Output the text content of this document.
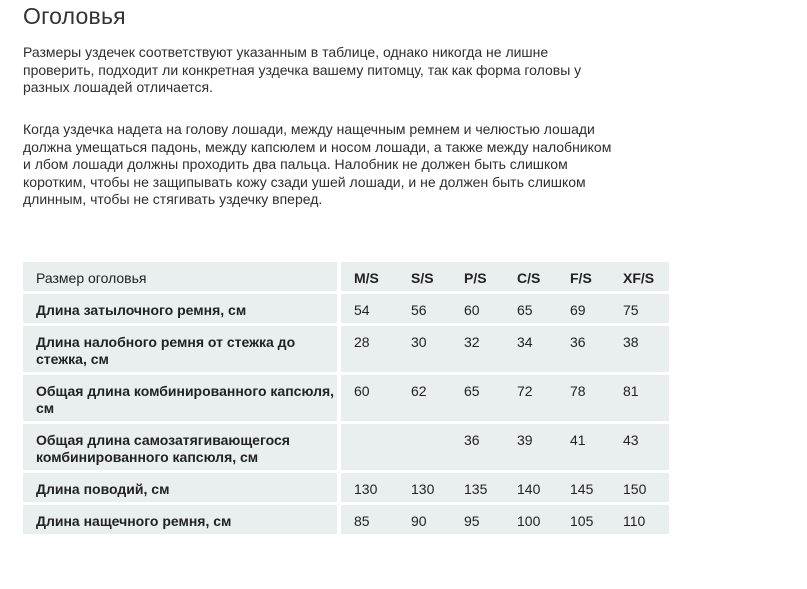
Оголовья

Размеры уздечек соответствуют указанным в таблице, однако никогда не лишне проверить, подходит ли конкретная уздечка вашему питомцу, так как форма головы у разных лошадей отличается.

Когда уздечка надета на голову лошади, между нащечным ремнем и челюстью лошади должна умещаться падонь, между капсюлем и носом лошади, а также между налобником и лбом лошади должны проходить два пальца. Налобник не должен быть слишком коротким, чтобы не защипывать кожу сзади ушей лошади, и не должен быть слишком длинным, чтобы не стягивать уздечку вперед.

Размер оголовья	M/S	S/S	P/S	C/S	F/S	XF/S
Длина затылочного ремня, см	54	56	60	65	69	75
Длина налобного ремня от стежка до стежка, см	28	30	32	34	36	38
Общая длина комбинированного капсюля, см	60	62	65	72	78	81
Общая длина самозатягивающегося комбинированного капсюля, см			36	39	41	43
Длина поводий, см	130	130	135	140	145	150
Длина нащечного ремня, см	85	90	95	100	105	110
